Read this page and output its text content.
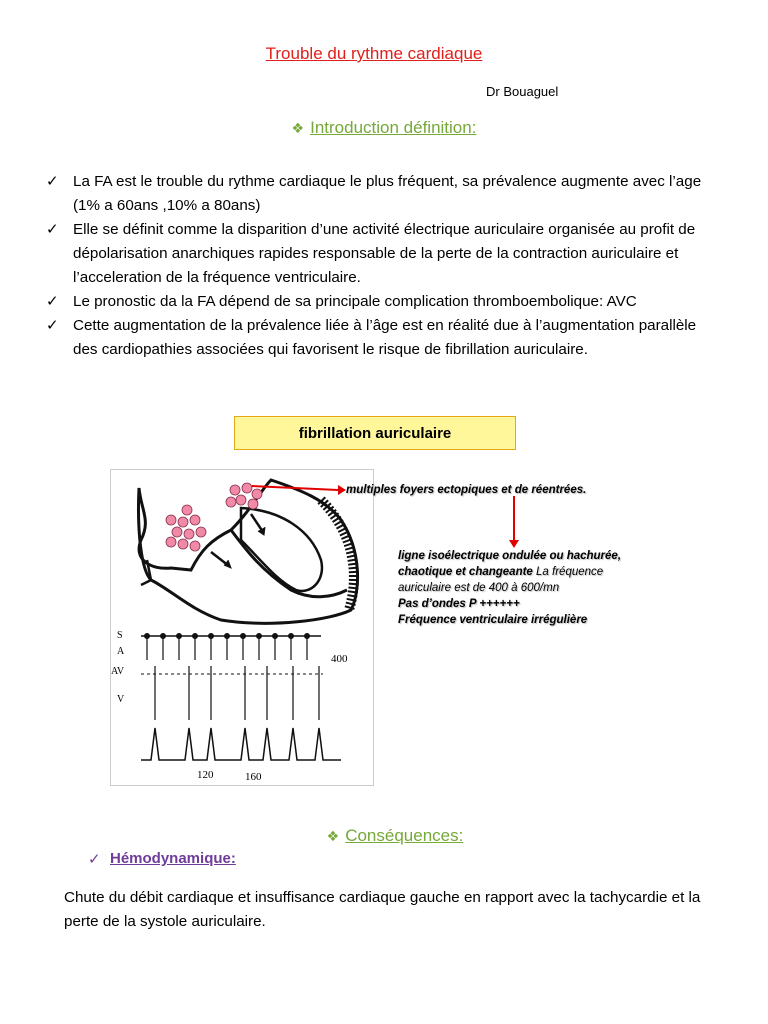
Trouble du rythme cardiaque
Dr Bouaguel
❖ Introduction définition:
✓ La FA est le trouble du rythme cardiaque le plus fréquent, sa prévalence augmente avec l’age (1% a 60ans ,10% a 80ans)
✓ Elle se définit comme la disparition d’une activité électrique auriculaire organisée au profit de dépolarisation anarchiques rapides responsable de la perte de la contraction auriculaire et l’acceleration de la fréquence ventriculaire.
✓ Le pronostic da la FA dépend de sa principale complication thromboembolique: AVC
✓ Cette augmentation de la prévalence liée à l’âge est en réalité due à l’augmentation parallèle des cardiopathies associées qui favorisent le risque de fibrillation auriculaire.
fibrillation auriculaire
S
A
AV
V
400
120	160
multiples foyers ectopiques et de réentrées.
ligne isoélectrique ondulée ou hachurée,
chaotique et changeante La fréquence
auriculaire est de 400 à 600/mn
Pas d’ondes P ++++++
Fréquence ventriculaire irrégulière
❖ Conséquences:
✓ Hémodynamique:
Chute du débit cardiaque et insuffisance cardiaque gauche en rapport avec la tachycardie et la perte de la systole auriculaire.
